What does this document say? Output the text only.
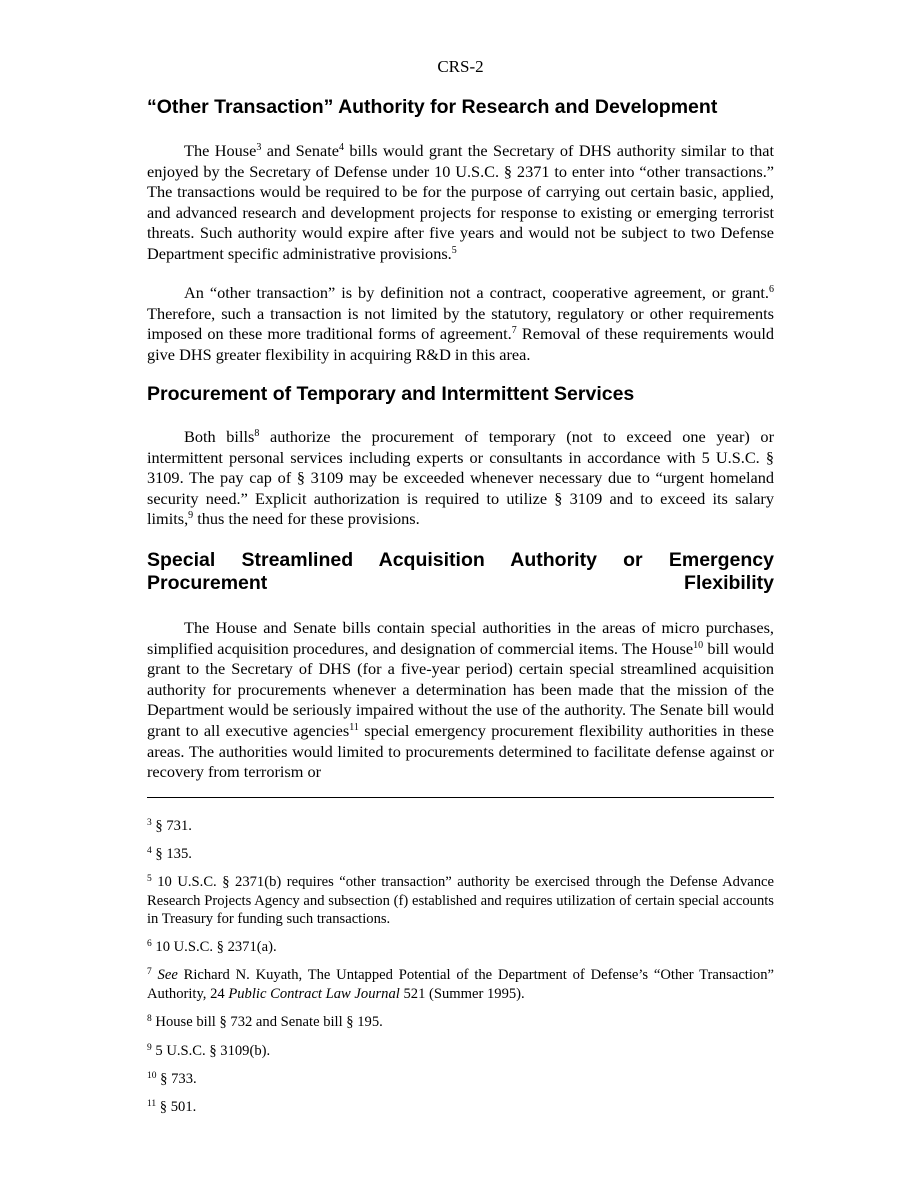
CRS-2
“Other Transaction” Authority for Research and Development

The House$^3$ and Senate$^4$ bills would grant the Secretary of DHS authority similar to that enjoyed by the Secretary of Defense under 10 U.S.C. § 2371 to enter into “other transactions.” The transactions would be required to be for the purpose of carrying out certain basic, applied, and advanced research and development projects for response to existing or emerging terrorist threats. Such authority would expire after five years and would not be subject to two Defense Department specific administrative provisions.$^5$

An “other transaction” is by definition not a contract, cooperative agreement, or grant.$^6$ Therefore, such a transaction is not limited by the statutory, regulatory or other requirements imposed on these more traditional forms of agreement.$^7$ Removal of these requirements would give DHS greater flexibility in acquiring R&D in this area.

Procurement of Temporary and Intermittent Services

Both bills$^8$ authorize the procurement of temporary (not to exceed one year) or intermittent personal services including experts or consultants in accordance with 5 U.S.C. § 3109. The pay cap of § 3109 may be exceeded whenever necessary due to “urgent homeland security need.” Explicit authorization is required to utilize § 3109 and to exceed its salary limits,$^9$ thus the need for these provisions.

Special Streamlined Acquisition Authority or Emergency Procurement Flexibility

The House and Senate bills contain special authorities in the areas of micro purchases, simplified acquisition procedures, and designation of commercial items. The House$^{10}$ bill would grant to the Secretary of DHS (for a five-year period) certain special streamlined acquisition authority for procurements whenever a determination has been made that the mission of the Department would be seriously impaired without the use of the authority. The Senate bill would grant to all executive agencies$^{11}$ special emergency procurement flexibility authorities in these areas. The authorities would limited to procurements determined to facilitate defense against or recovery from terrorism or

$^3$ § 731.

$^4$ § 135.

$^5$ 10 U.S.C. § 2371(b) requires “other transaction” authority be exercised through the Defense Advance Research Projects Agency and subsection (f) established and requires utilization of certain special accounts in Treasury for funding such transactions.

$^6$ 10 U.S.C. § 2371(a).

$^7$ See Richard N. Kuyath, The Untapped Potential of the Department of Defense’s “Other Transaction” Authority, 24 Public Contract Law Journal 521 (Summer 1995).

$^8$ House bill § 732 and Senate bill § 195.

$^9$ 5 U.S.C. § 3109(b).

$^{10}$ § 733.

$^{11}$ § 501.
